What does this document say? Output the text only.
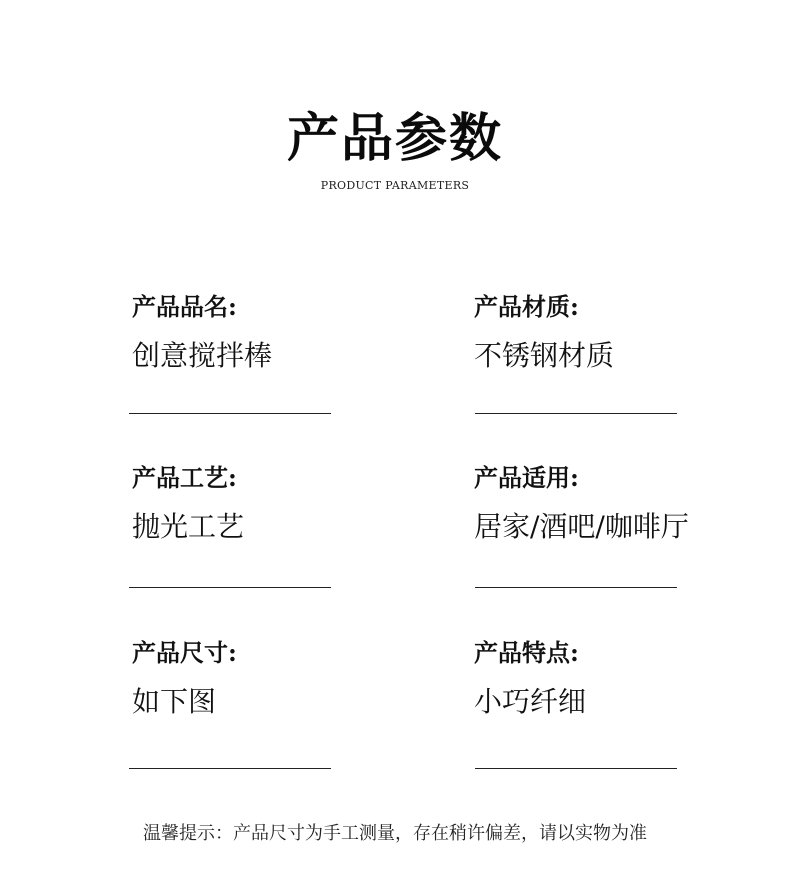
产品参数
PRODUCT PARAMETERS
产品品名:
创意搅拌棒
产品材质:
不锈钢材质
产品工艺:
抛光工艺
产品适用:
居家/酒吧/咖啡厅
产品尺寸:
如下图
产品特点:
小巧纤细
温馨提示：产品尺寸为手工测量，存在稍许偏差，请以实物为准
